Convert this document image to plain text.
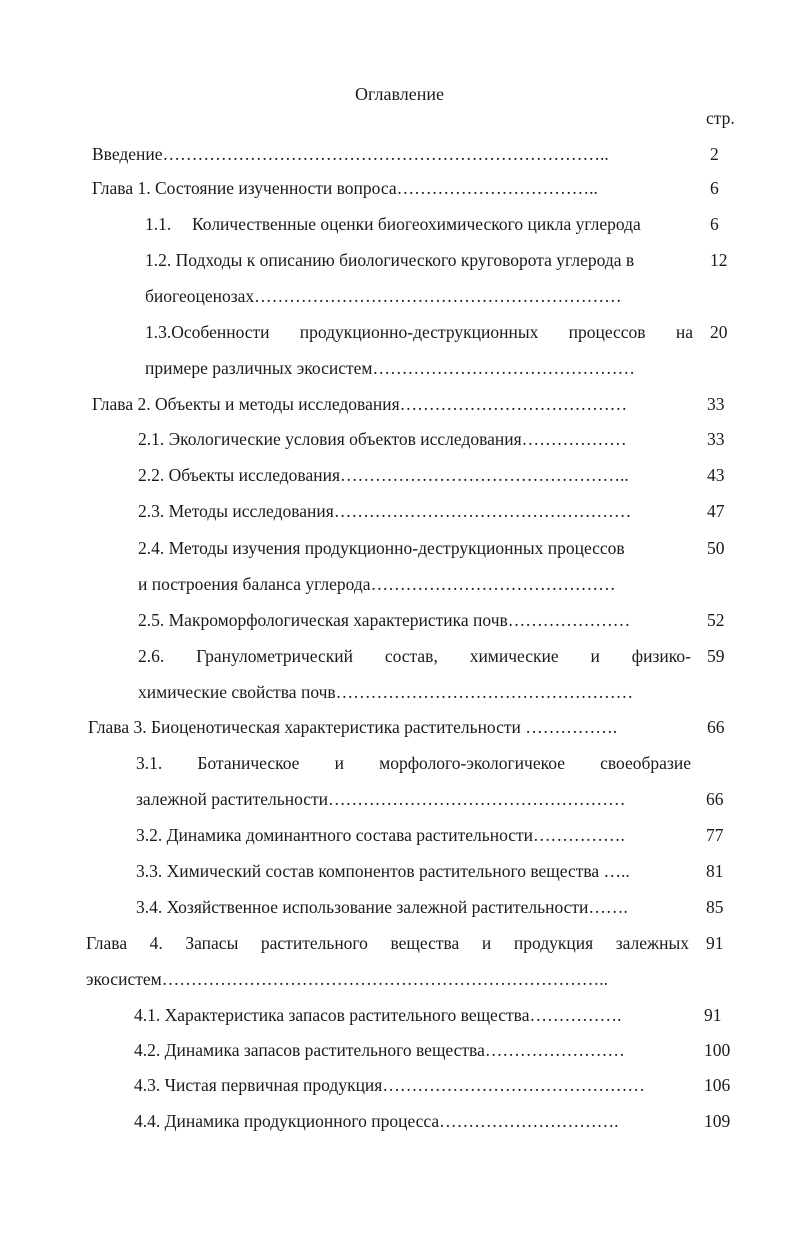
Оглавление
стр.
Введение…………………………………………………………………..	2
Глава 1. Состояние изученности вопроса……………………………..	6
1.1. Количественные оценки биогеохимического цикла углерода	6
1.2. Подходы к описанию биологического круговорота углерода в	12
биогеоценозах………………………………………………………
1.3.Особенности продукционно-деструкционных процессов на 20
примере различных экосистем………………………………………
Глава 2. Объекты и методы исследования…………………………………	33
2.1. Экологические условия объектов исследования………………	33
2.2. Объекты исследования…………………………………………..	43
2.3. Методы исследования……………………………………………	47
2.4. Методы изучения продукционно-деструкционных процессов	50
и построения баланса углерода……………………………………
2.5. Макроморфологическая характеристика почв…………………	52
2.6. Гранулометрический состав, химические и физико- 59
химические свойства почв……………………………………………
Глава 3. Биоценотическая характеристика растительности …………….	66
3.1. Ботаническое и морфолого-экологичекое своеобразие
залежной растительности……………………………………………	66
3.2. Динамика доминантного состава растительности…………….	77
3.3. Химический состав компонентов растительного вещества …..	81
3.4. Хозяйственное использование залежной растительности…….	85
Глава 4. Запасы растительного вещества и продукция залежных 91
экосистем…………………………………………………………………..
4.1. Характеристика запасов растительного вещества…………….	91
4.2. Динамика запасов растительного вещества……………………	100
4.3. Чистая первичная продукция………………………………………	106
4.4. Динамика продукционного процесса………………………….	109
